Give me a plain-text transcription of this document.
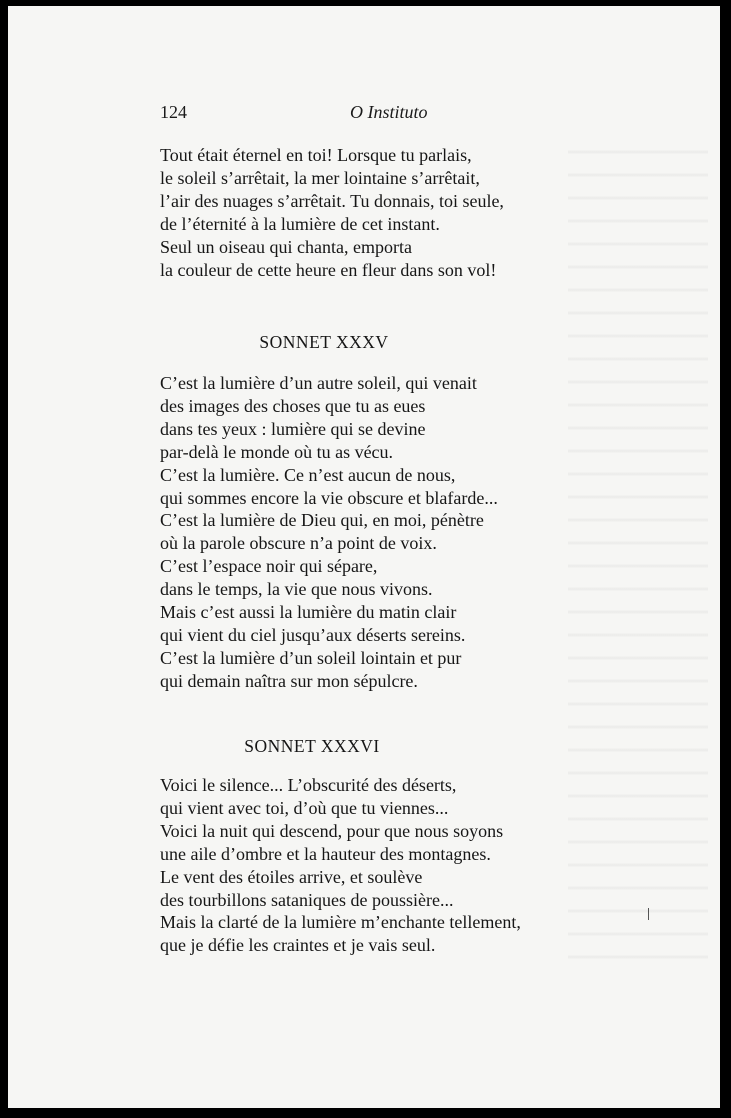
124	O Instituto
Tout était éternel en toi! Lorsque tu parlais,
le soleil s’arrêtait, la mer lointaine s’arrêtait,
l’air des nuages s’arrêtait. Tu donnais, toi seule,
de l’éternité à la lumière de cet instant.
Seul un oiseau qui chanta, emporta
la couleur de cette heure en fleur dans son vol!
SONNET XXXV
C’est la lumière d’un autre soleil, qui venait
des images des choses que tu as eues
dans tes yeux : lumière qui se devine
par-delà le monde où tu as vécu.
C’est la lumière. Ce n’est aucun de nous,
qui sommes encore la vie obscure et blafarde...
C’est la lumière de Dieu qui, en moi, pénètre
où la parole obscure n’a point de voix.
C’est l’espace noir qui sépare,
dans le temps, la vie que nous vivons.
Mais c’est aussi la lumière du matin clair
qui vient du ciel jusqu’aux déserts sereins.
C’est la lumière d’un soleil lointain et pur
qui demain naîtra sur mon sépulcre.
SONNET XXXVI
Voici le silence... L’obscurité des déserts,
qui vient avec toi, d’où que tu viennes...
Voici la nuit qui descend, pour que nous soyons
une aile d’ombre et la hauteur des montagnes.
Le vent des étoiles arrive, et soulève
des tourbillons sataniques de poussière...
Mais la clarté de la lumière m’enchante tellement,
que je défie les craintes et je vais seul.
